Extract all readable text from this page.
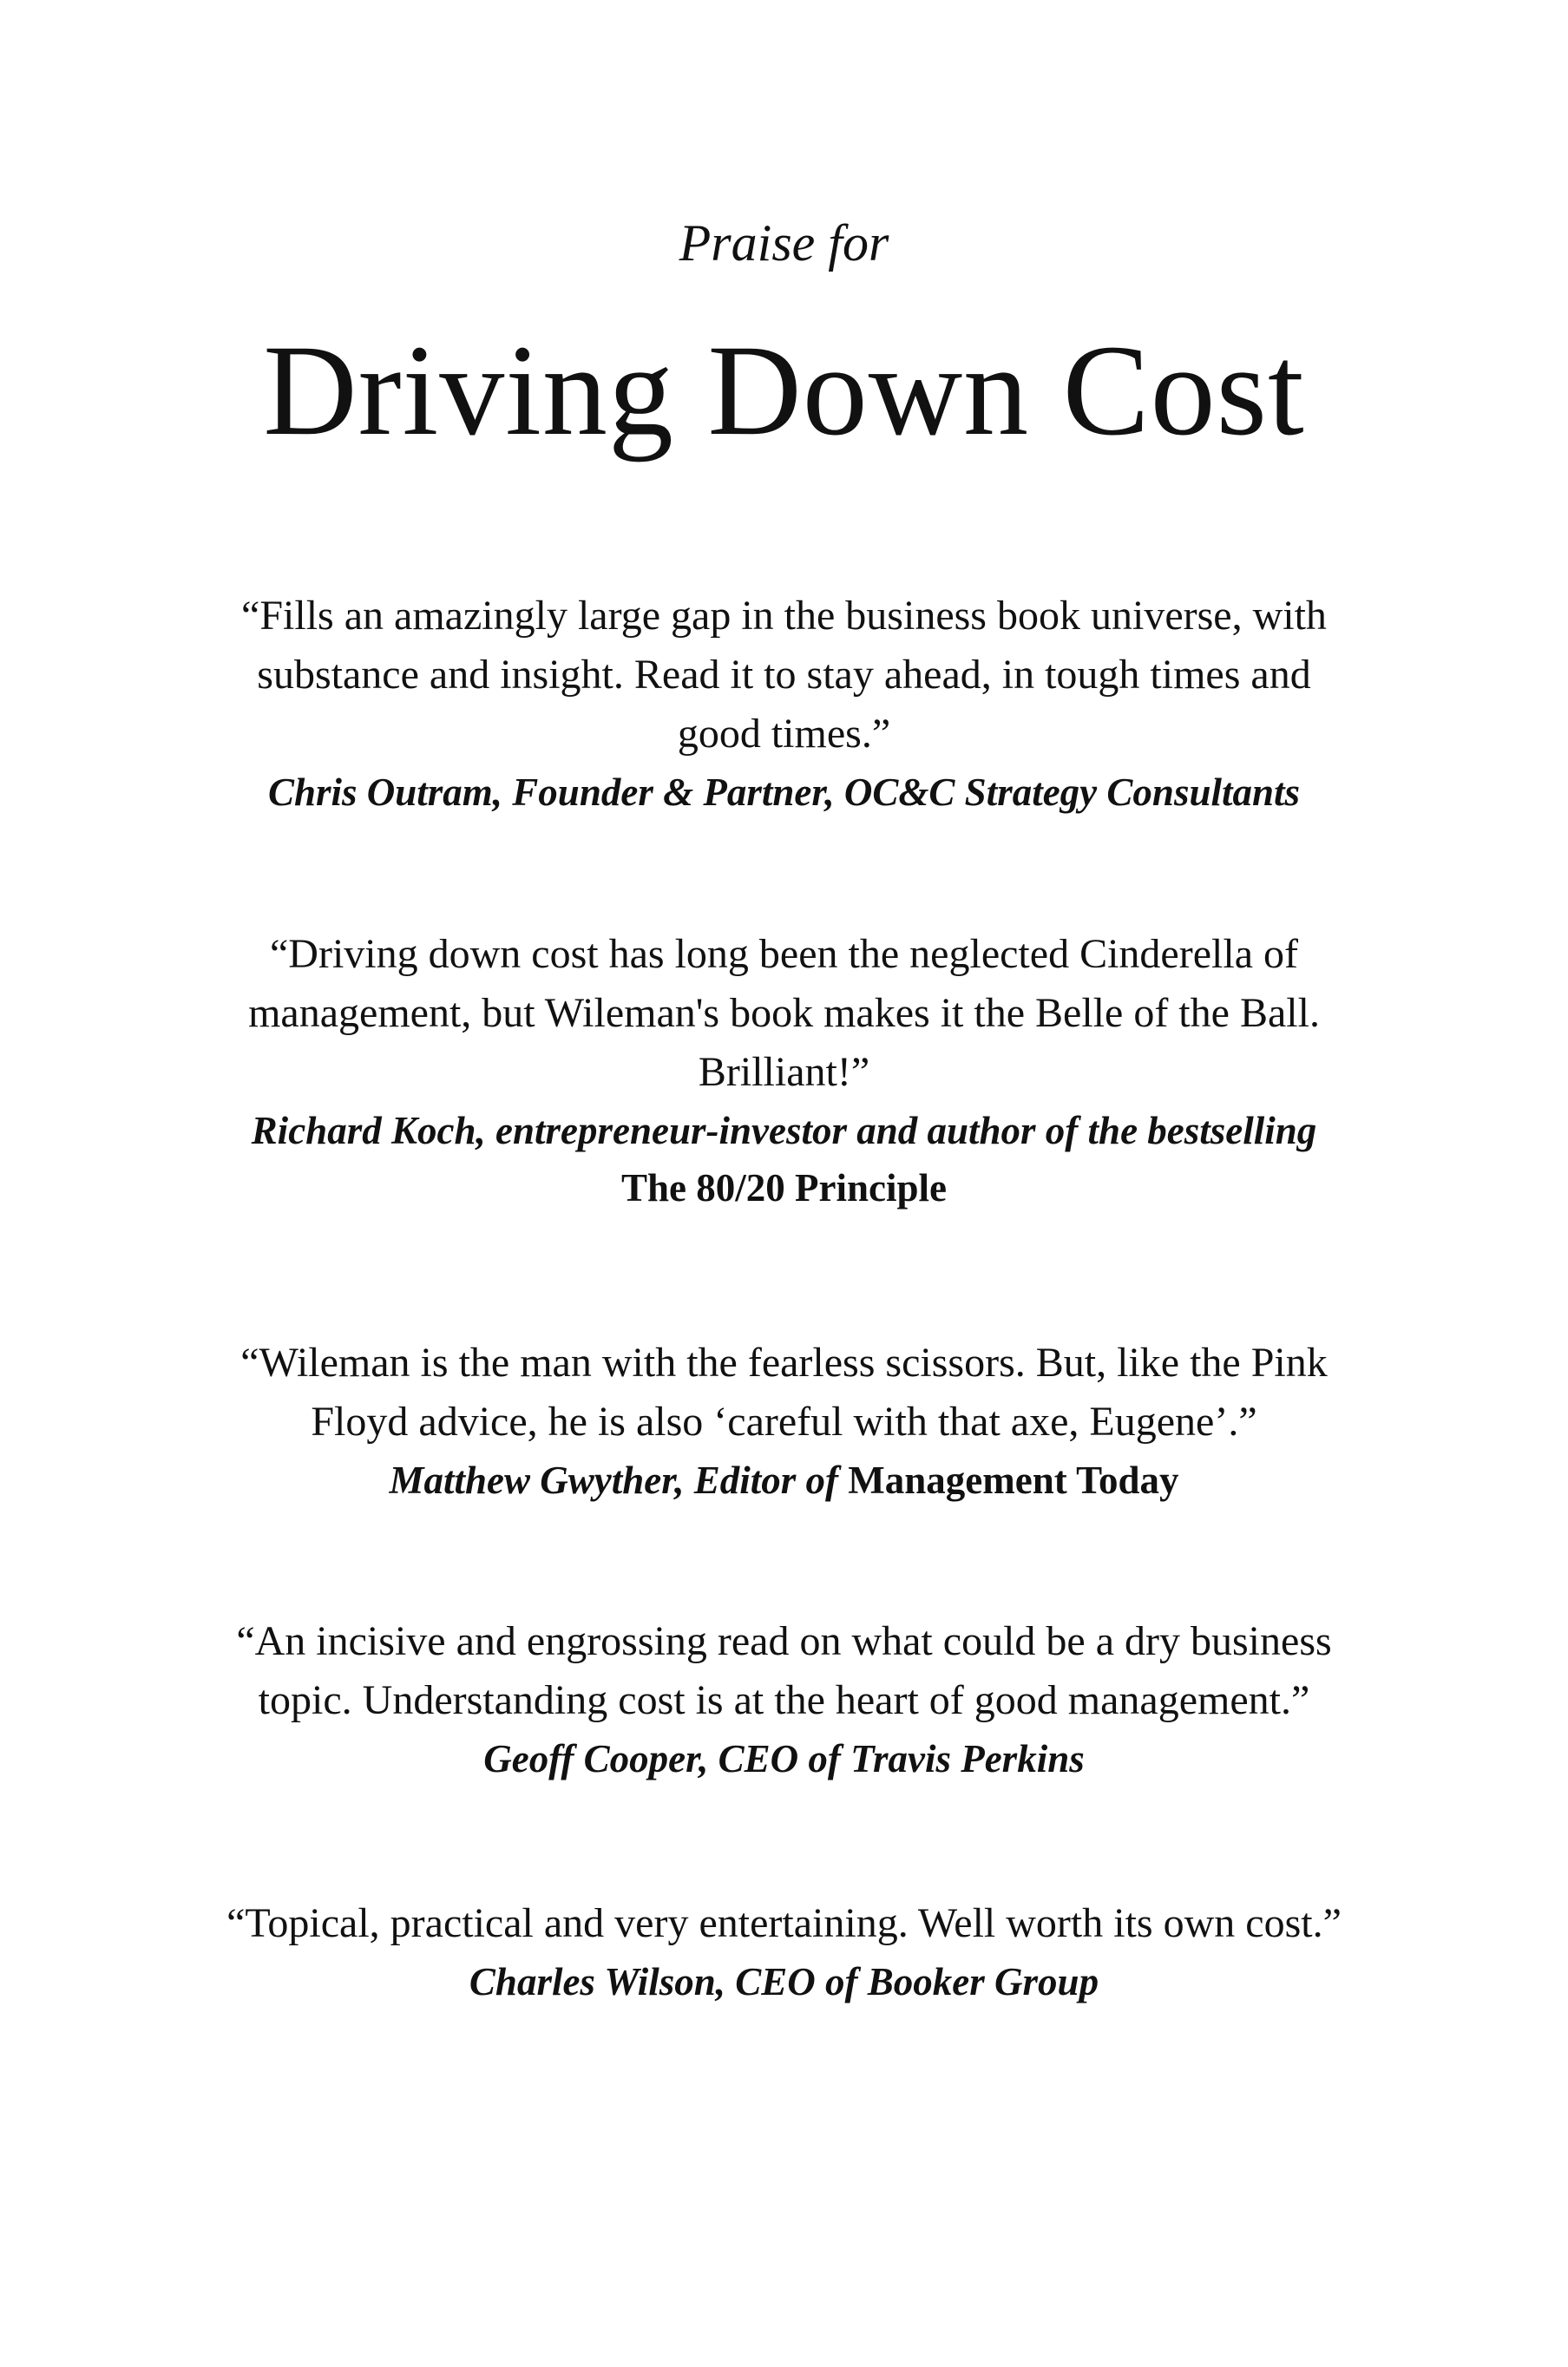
Praise for
Driving Down Cost

“Fills an amazingly large gap in the business book universe, with
substance and insight. Read it to stay ahead, in tough times and
good times.”

Chris Outram, Founder & Partner, OC&C Strategy Consultants

“Driving down cost has long been the neglected Cinderella of
management, but Wileman's book makes it the Belle of the Ball.
Brilliant!”

Richard Koch, entrepreneur-investor and author of the bestselling
The 80/20 Principle

“Wileman is the man with the fearless scissors. But, like the Pink
Floyd advice, he is also ‘careful with that axe, Eugene’.”

Matthew Gwyther, Editor of Management Today

“An incisive and engrossing read on what could be a dry business
topic. Understanding cost is at the heart of good management.”

Geoff Cooper, CEO of Travis Perkins

“Topical, practical and very entertaining. Well worth its own cost.”

Charles Wilson, CEO of Booker Group
